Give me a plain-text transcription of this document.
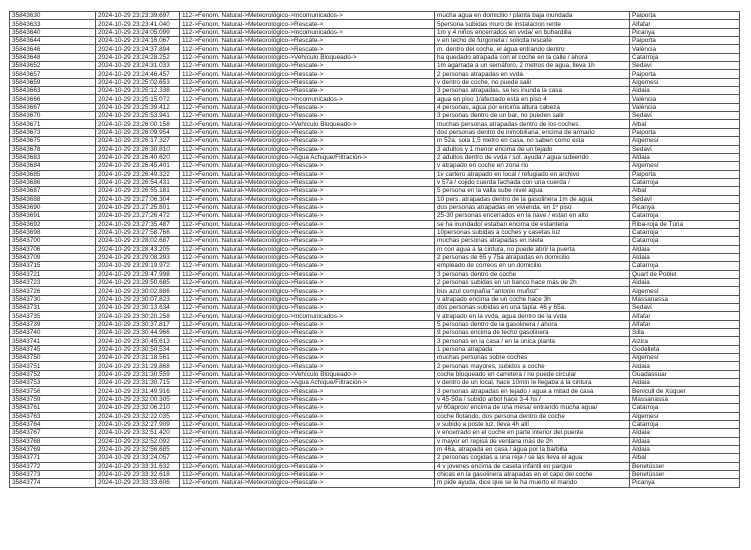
35843630	2024-10-29 23:23:39.697	112->Fenom. Natural->Meteorológico->Incomunicados->	mucha agua en domicilio / planta baja inundada	Paiporta
35843633	2024-10-29 23:23:41.040	112->Fenom. Natural->Meteorológico->Rescate->	5persona subidas muro de instalacion rente	Alfafar
35843640	2024-10-29 23:24:05.099	112->Fenom. Natural->Meteorológico->Incomunicados->	1m y 4 niños encerrados en vvda/ en buhardilla	Picanya
35843644	2024-10-29 23:24:16.067	112->Fenom. Natural->Meteorológico->Rescate->	v en techo de furgoneta / solicita rescate	Paiporta
35843646	2024-10-29 23:24:37.894	112->Fenom. Natural->Meteorológico->Rescate->	m. dentro del coche, el agua entrando dentro	València
35843648	2024-10-29 23:24:28.252	112->Fenom. Natural->Meteorológico->Vehículo Bloqueado->	ha quedado atrapada con el coche en la calle / ahora	Catarroja
35843652	2024-10-29 23:24:31.033	112->Fenom. Natural->Meteorológico->Rescate->	1m agarrada a un semáforo, 2 metros de agua, lleva 1h	Sedaví
35843657	2024-10-29 23:24:46.457	112->Fenom. Natural->Meteorológico->Rescate->	2 personas atrapadas en vvda	Paiporta
35843659	2024-10-29 23:25:02.653	112->Fenom. Natural->Meteorológico->Rescate->	v dentro de coche, no puede salir	Algemesí
35843663	2024-10-29 23:25:12.338	112->Fenom. Natural->Meteorológico->Rescate->	3 personas atrapadas, se les inunda la casa	Aldaia
35843666	2024-10-29 23:25:15.072	112->Fenom. Natural->Meteorológico->Incomunicados->	agua en piso 1/afectado esta en piso 4	València
35843667	2024-10-29 23:25:39.412	112->Fenom. Natural->Meteorológico->Rescate->	4 personas, agua por encima altura cabeza	València
35843670	2024-10-29 23:25:53.941	112->Fenom. Natural->Meteorológico->Rescate->	3 personas dentro de un bar, no pueden salir	Sedaví
35843671	2024-10-29 23:26:00.158	112->Fenom. Natural->Meteorológico->Vehículo Bloqueado->	muchas personas atrapadas dentro de los coches	Albal
35843673	2024-10-29 23:26:09.954	112->Fenom. Natural->Meteorológico->Rescate->	dos personas dentro de inmobiliaria, encima de armario	Paiporta
35843675	2024-10-29 23:26:17.327	112->Fenom. Natural->Meteorológico->Rescate->	m 52a. sola 1,5 metro en casa, no saben como esta	Algemesí
35843678	2024-10-29 23:26:30.810	112->Fenom. Natural->Meteorológico->Rescate->	3 adultos y 1 menor encima de un tejado	Sedaví
35843683	2024-10-29 23:26:40.620	112->Fenom. Natural->Meteorológico->Agua Achique/Filtración->	2 adultos dentro de vvda / sol. ayuda / agua subiendo	Aldaia
35843684	2024-10-29 23:26:45.401	112->Fenom. Natural->Meteorológico->Rescate->	v atrapado en coche en zona rio	Algemesí
35843685	2024-10-29 23:26:49.322	112->Fenom. Natural->Meteorológico->Rescate->	1v cartero atrapado en local / refugiado en archivo	Paiporta
35843686	2024-10-29 23:26:54.431	112->Fenom. Natural->Meteorológico->Rescate->	v 57a / cojido cuerda fachada con una cuerda /	Catarroja
35843687	2024-10-29 23:26:55.181	112->Fenom. Natural->Meteorológico->Rescate->	5 persona en la valla sube nivel agua	Albal
35843688	2024-10-29 23:27:06.304	112->Fenom. Natural->Meteorológico->Rescate->	10 pers. atrapadas dentro de la gasolinera 1m de agua	Sedaví
35843690	2024-10-29 23:27:25.801	112->Fenom. Natural->Meteorológico->Rescate->	dos personas atrapadas en vivienda. en 1º piso	Picanya
35843691	2024-10-29 23:27:26.472	112->Fenom. Natural->Meteorológico->Rescate->	25-30 personas encerrados en la nave / estan en alto	Catarroja
35843692	2024-10-29 23:27:35.487	112->Fenom. Natural->Meteorológico->Rescate->	se ha inundado/ estaban encima de estanteria	Riba-roja de Túria
35843698	2024-10-29 23:27:58.766	112->Fenom. Natural->Meteorológico->Rescate->	10personas subidas a coches y casetas luz	Catarroja
35843700	2024-10-29 23:28:02.687	112->Fenom. Natural->Meteorológico->Rescate->	muchas personas atrapadas en isleta	Catarroja
35843706	2024-10-29 23:28:43.205	112->Fenom. Natural->Meteorológico->Rescate->	m con agua a la cintura, no puede abrir la puerta	Aldaia
35843709	2024-10-29 23:29:08.293	112->Fenom. Natural->Meteorológico->Rescate->	2 personas de 65 y 75a atrapadas en domicilio	Aldaia
35843715	2024-10-29 23:29:19.972	112->Fenom. Natural->Meteorológico->Rescate->	empleado de correos en un domicilio	Catarroja
35843721	2024-10-29 23:29:47.998	112->Fenom. Natural->Meteorológico->Rescate->	3 personas dentro de coche	Quart de Poblet
35843723	2024-10-29 23:29:50.685	112->Fenom. Natural->Meteorológico->Rescate->	2 personas subidas en un banco hace más de 2h	Aldaia
35843726	2024-10-29 23:30:02.886	112->Fenom. Natural->Meteorológico->Rescate->	bus azul compañia "antonio muñoz"	Algemesí
35843730	2024-10-29 23:30:07.823	112->Fenom. Natural->Meteorológico->Rescate->	v atrapado encima de un coche hace 3h	Massanassa
35843731	2024-10-29 23:30:13.634	112->Fenom. Natural->Meteorológico->Rescate->	dos personas subidas en una tapia. 46 y 65a.	Sedaví
35843735	2024-10-29 23:30:20.258	112->Fenom. Natural->Meteorológico->Incomunicados->	v atrapado en la vvda, agua dentro de la vvda	Alfafar
35843739	2024-10-29 23:30:37.817	112->Fenom. Natural->Meteorológico->Rescate->	5 personas dentro de la gasolinera / ahora	Alfafar
35843740	2024-10-29 23:30:44.966	112->Fenom. Natural->Meteorológico->Rescate->	9 personas encima de techo gasolinera	Silla
35843741	2024-10-29 23:30:45.613	112->Fenom. Natural->Meteorológico->Rescate->	3 personas en la casa / en la única planta	Alzira
35843745	2024-10-29 23:30:50.534	112->Fenom. Natural->Meteorológico->Rescate->	1 persona atrapada	Godelleta
35843750	2024-10-29 23:31:18.561	112->Fenom. Natural->Meteorológico->Rescate->	muchas personas sobre coches	Algemesí
35843751	2024-10-29 23:31:29.868	112->Fenom. Natural->Meteorológico->Rescate->	2 personas mayores, subidos a coche	Aldaia
35843752	2024-10-29 23:31:30.559	112->Fenom. Natural->Meteorológico->Vehículo Bloqueado->	coche bloqueado en carretera / no puede circular	Guadassuar
35843753	2024-10-29 23:31:30.715	112->Fenom. Natural->Meteorológico->Agua Achique/Filtración->	v dentro de un local, hace 10min le llegaba a la cintura	Aldaia
35843756	2024-10-29 23:31:49.916	112->Fenom. Natural->Meteorológico->Rescate->	3 personas atrapadas en tejado / agua a mitad de casa	Benicull de Xúquer
35843759	2024-10-29 23:32:00.305	112->Fenom. Natural->Meteorológico->Rescate->	v 45-50a / subido arbol hace 3-4 hs /	Massanassa
35843761	2024-10-29 23:32:06.210	112->Fenom. Natural->Meteorológico->Rescate->	v/ 60aprox/ encima de una mesa/ entrando mucha agua/	Catarroja
35843763	2024-10-29 23:32:22.035	112->Fenom. Natural->Meteorológico->Rescate->	coche flotando, dos persona dentro de coche	Algemesí
35843764	2024-10-29 23:32:27.909	112->Fenom. Natural->Meteorológico->Rescate->	v subido a poste luz, lleva 4h allí	Catarroja
35843767	2024-10-29 23:32:51.420	112->Fenom. Natural->Meteorológico->Rescate->	v encerrado en el coche en parte interior del puente	Aldaia
35843768	2024-10-29 23:32:52.092	112->Fenom. Natural->Meteorológico->Rescate->	v mayor en repisa de ventana más de 2h	Aldaia
35843769	2024-10-29 23:32:56.685	112->Fenom. Natural->Meteorológico->Rescate->	m 46a, atrapada en casa / agua por la barbilla	Aldaia
35843771	2024-10-29 23:33:24.057	112->Fenom. Natural->Meteorológico->Rescate->	2 personas cogidas a una reja / se las lleva el agua	Albal
35843772	2024-10-29 23:33:31.632	112->Fenom. Natural->Meteorológico->Rescate->	4 v jovenes encima de caseta infantil en parque	Benetússer
35843773	2024-10-29 23:33:32.618	112->Fenom. Natural->Meteorológico->Rescate->	chicas en la gasolinera atrapadas en el capo del coche	Benetússer
35843774	2024-10-29 23:33:33.606	112->Fenom. Natural->Meteorológico->Rescate->	m pide ayuda, dice que se le ha muerto el marido	Picanya
